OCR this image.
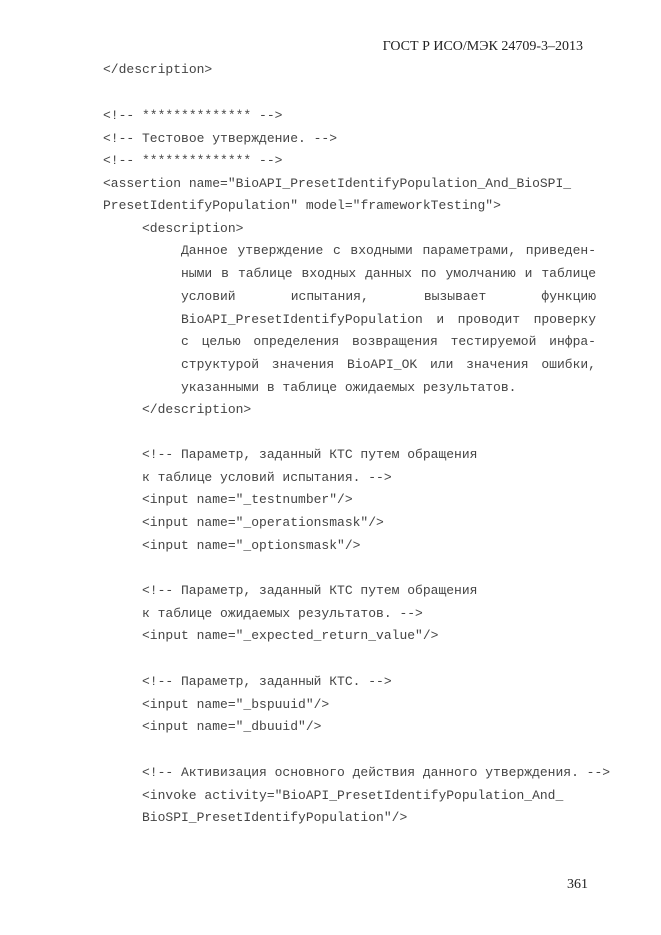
ГОСТ Р ИСО/МЭК 24709-3–2013
</description>
<!-- ************** -->
<!-- Тестовое утверждение. -->
<!-- ************** -->
<assertion name="BioAPI_PresetIdentifyPopulation_And_BioSPI_
PresetIdentifyPopulation" model="frameworkTesting">
<description>
Данное утверждение с входными параметрами, приведен-
ными в таблице входных данных по умолчанию и таблице
условий испытания, вызывает функцию
BioAPI_PresetIdentifyPopulation и проводит проверку
с целью определения возвращения тестируемой инфра-
структурой значения BioAPI_OK или значения ошибки,
указанными в таблице ожидаемых результатов.
</description>
<!-- Параметр, заданный КТС путем обращения
к таблице условий испытания. -->
<input name="_testnumber"/>
<input name="_operationsmask"/>
<input name="_optionsmask"/>
<!-- Параметр, заданный КТС путем обращения
к таблице ожидаемых результатов. -->
<input name="_expected_return_value"/>
<!-- Параметр, заданный КТС. -->
<input name="_bspuuid"/>
<input name="_dbuuid"/>
<!-- Активизация основного действия данного утверждения. -->
<invoke activity="BioAPI_PresetIdentifyPopulation_And_
BioSPI_PresetIdentifyPopulation"/>
361
